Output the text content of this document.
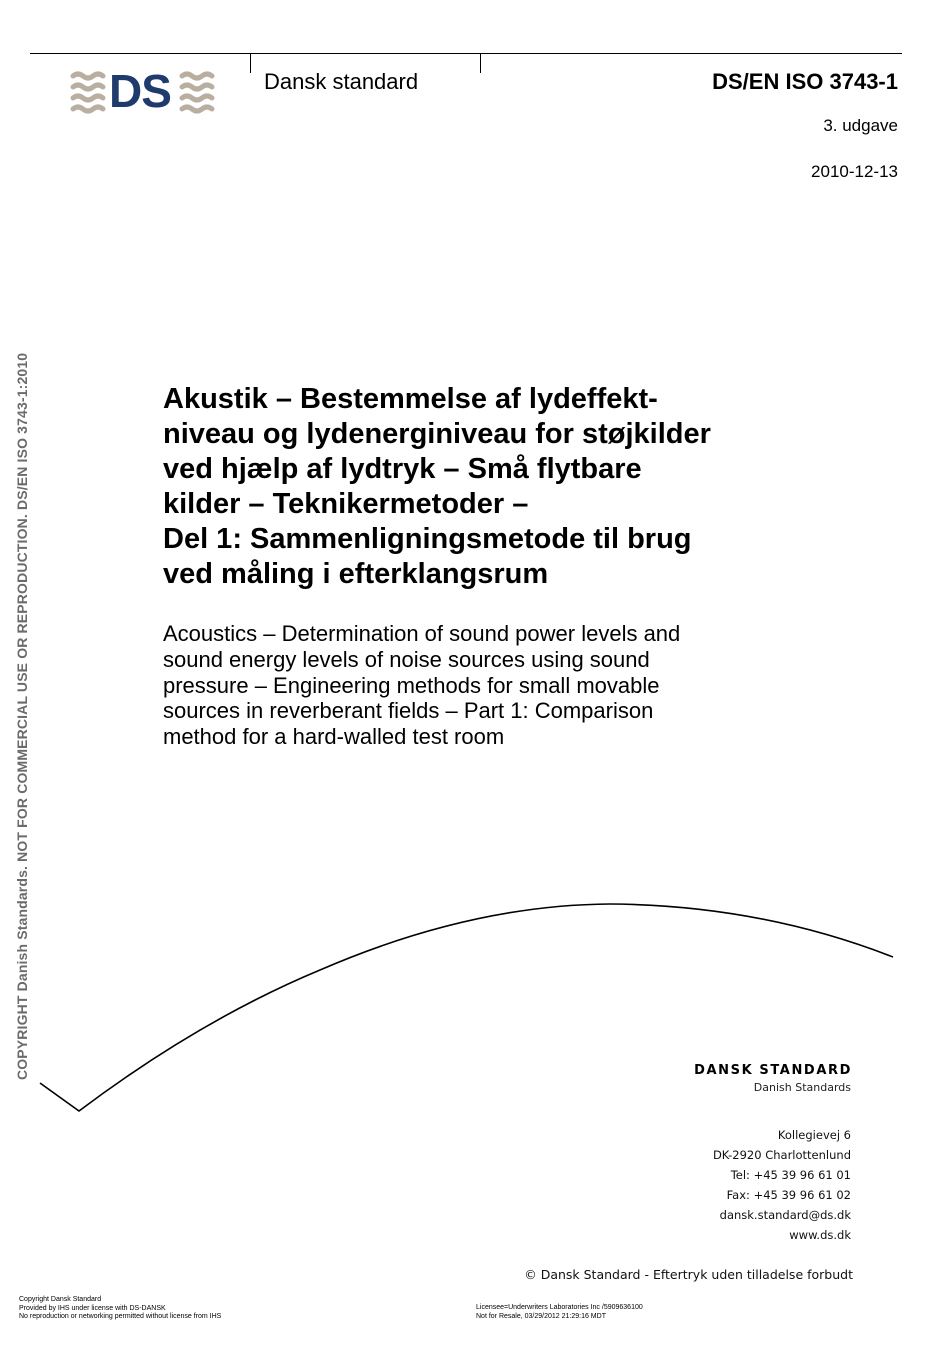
DS	Dansk standard	DS/EN ISO 3743-1
3. udgave
2010-12-13
COPYRIGHT Danish Standards. NOT FOR COMMERCIAL USE OR REPRODUCTION. DS/EN ISO 3743-1:2010	Akustik – Bestemmelse af lydeffekt-
niveau og lydenerginiveau for støjkilder
ved hjælp af lydtryk – Små flytbare
kilder – Teknikermetoder –
Del 1: Sammenligningsmetode til brug
ved måling i efterklangsrum
Acoustics – Determination of sound power levels and
sound energy levels of noise sources using sound
pressure – Engineering methods for small movable
sources in reverberant fields – Part 1: Comparison
method for a hard-walled test room
DANSK STANDARD
Danish Standards
Kollegievej 6
DK-2920 Charlottenlund
Tel: +45 39 96 61 01
Fax: +45 39 96 61 02
dansk.standard@ds.dk
www.ds.dk
© Dansk Standard - Eftertryk uden tilladelse forbudt
Copyright Dansk Standard
Provided by IHS under license with DS-DANSK
No reproduction or networking permitted without license from IHS
Licensee=Underwriters Laboratories Inc /5909636100
Not for Resale, 03/29/2012 21:29:16 MDT
